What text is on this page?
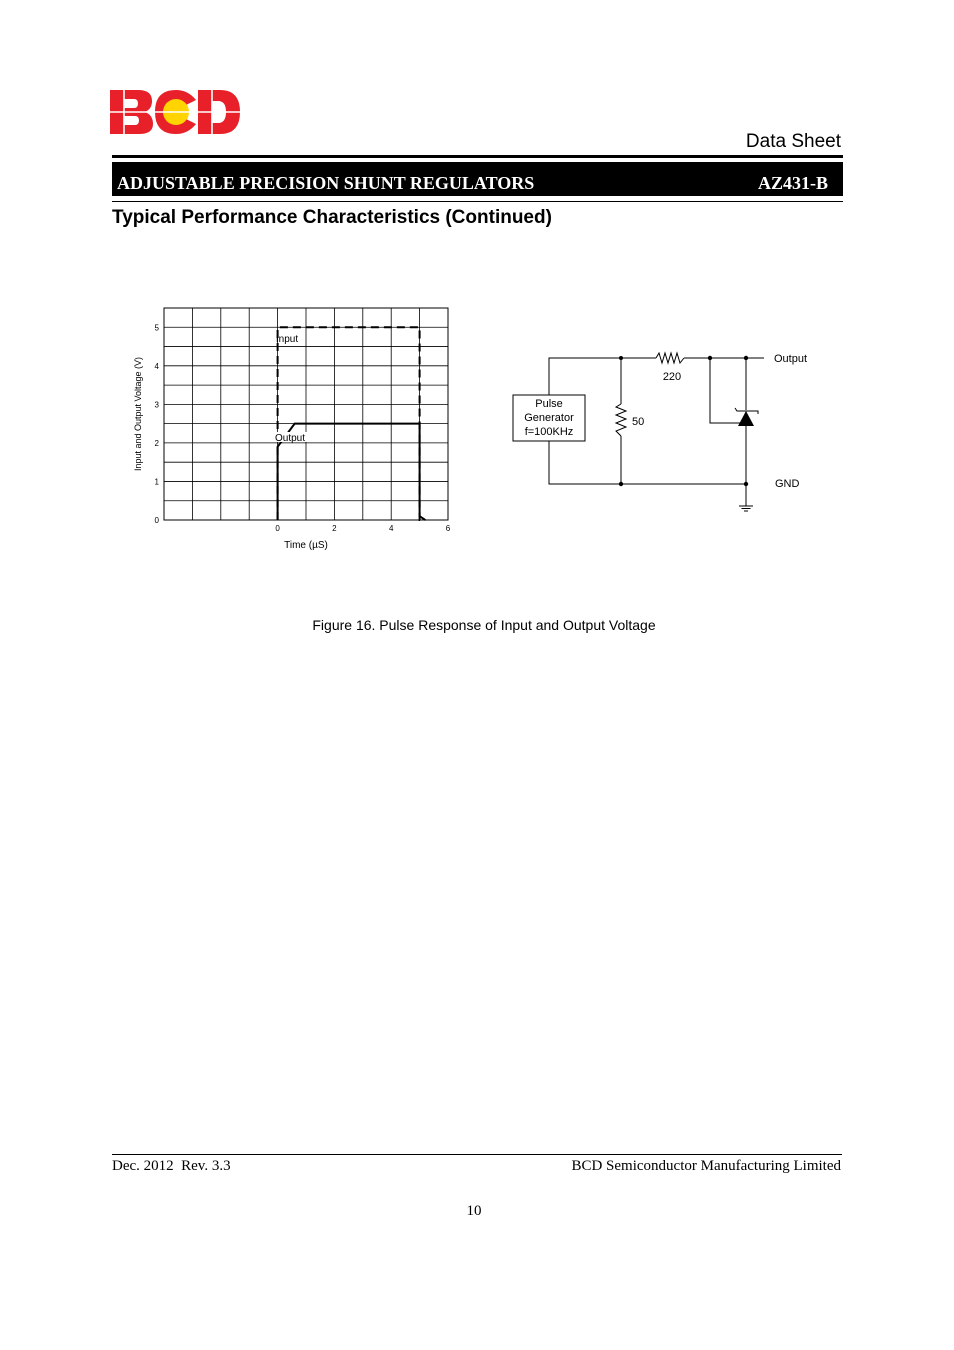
Data Sheet
ADJUSTABLE PRECISION SHUNT REGULATORS	AZ431-B
Typical Performance Characteristics (Continued)
0	2	4	6
0
1
2
3
4
5
Input
Output
Time (µS)
Input and Output Voltage (V)	Pulse
Generator
f=100KHz
220
50
Output
GND
Figure 16. Pulse Response of Input and Output Voltage
Dec. 2012  Rev. 3.3	BCD Semiconductor Manufacturing Limited
10
